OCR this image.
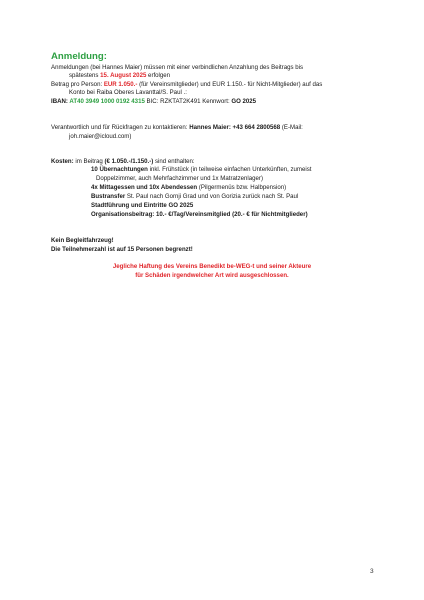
Anmeldung:
Anmeldungen (bei Hannes Maier) müssen mit einer verbindlichen Anzahlung des Beitrags bis
spätestens 15. August 2025 erfolgen
Betrag pro Person: EUR 1.050.- (für Vereinsmitglieder) und EUR 1.150.- für Nicht-Mitglieder) auf das
Konto bei Raiba Oberes Lavanttal/S. Paul .:
IBAN: AT40 3949 1000 0192 4315 BIC: RZKTAT2K491 Kennwort: GO 2025
Verantwortlich und für Rückfragen zu kontaktieren: Hannes Maier: +43 664 2800568 (E-Mail:
joh.maier@icloud.com)
Kosten: im Beitrag (€ 1.050.-/1.150.-) sind enthalten:
10 Übernachtungen inkl. Frühstück (in teilweise einfachen Unterkünften, zumeist
Doppelzimmer, auch Mehrfachzimmer und 1x Matratzenlager)
4x Mittagessen und 10x Abendessen (Pilgermenüs bzw. Halbpension)
Bustransfer St. Paul nach Gornji Grad und von Gorizia zurück nach St. Paul
Stadtführung und Eintritte GO 2025
Organisationsbeitrag: 10.- €/Tag/Vereinsmitglied (20.- € für Nichtmitglieder)
Kein Begleitfahrzeug!
Die Teilnehmerzahl ist auf 15 Personen begrenzt!
Jegliche Haftung des Vereins Benedikt be-WEG-t und seiner Akteure
für Schäden irgendwelcher Art wird ausgeschlossen.
3
